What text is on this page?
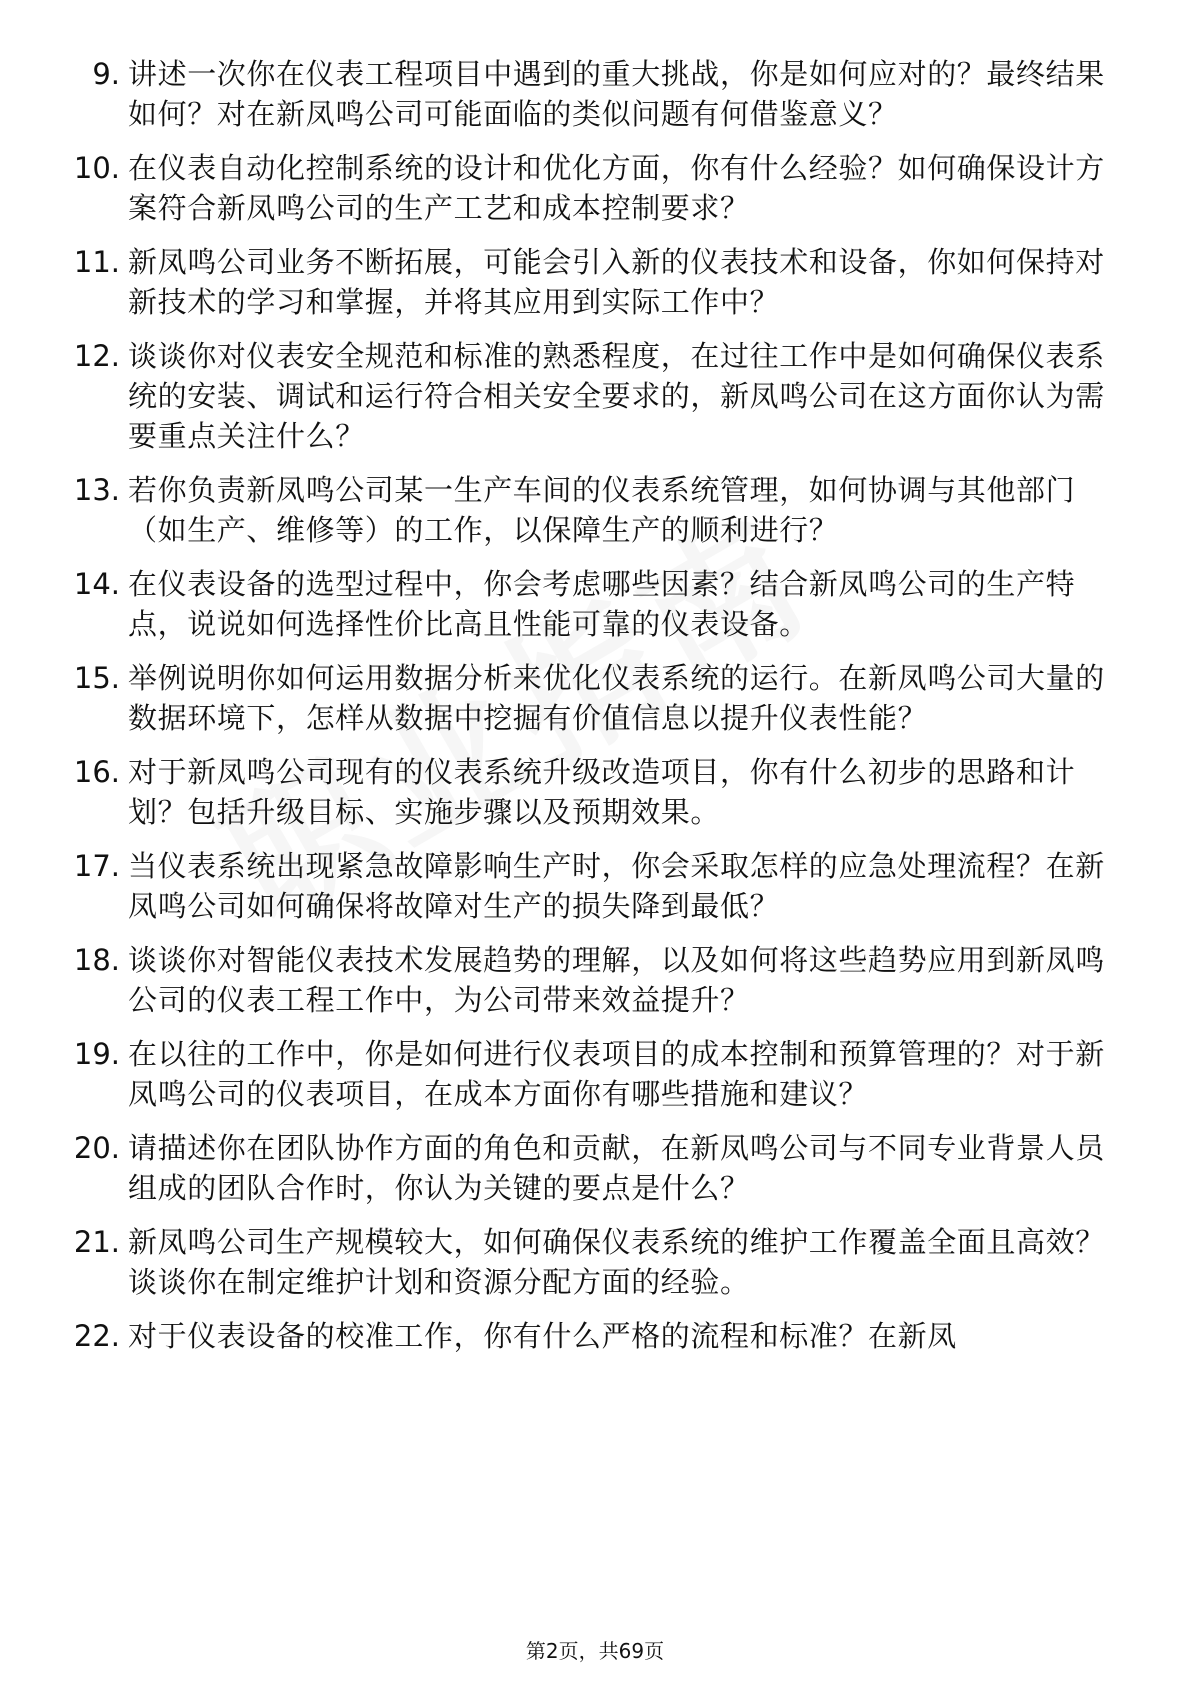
9. 讲述一次你在仪表工程项目中遇到的重大挑战，你是如何应对的？最终结果如何？对在新凤鸣公司可能面临的类似问题有何借鉴意义？
10. 在仪表自动化控制系统的设计和优化方面，你有什么经验？如何确保设计方案符合新凤鸣公司的生产工艺和成本控制要求？
11. 新凤鸣公司业务不断拓展，可能会引入新的仪表技术和设备，你如何保持对新技术的学习和掌握，并将其应用到实际工作中？
12. 谈谈你对仪表安全规范和标准的熟悉程度，在过往工作中是如何确保仪表系统的安装、调试和运行符合相关安全要求的，新凤鸣公司在这方面你认为需要重点关注什么？
13. 若你负责新凤鸣公司某一生产车间的仪表系统管理，如何协调与其他部门（如生产、维修等）的工作，以保障生产的顺利进行？
14. 在仪表设备的选型过程中，你会考虑哪些因素？结合新凤鸣公司的生产特点，说说如何选择性价比高且性能可靠的仪表设备。
15. 举例说明你如何运用数据分析来优化仪表系统的运行。在新凤鸣公司大量的数据环境下，怎样从数据中挖掘有价值信息以提升仪表性能？
16. 对于新凤鸣公司现有的仪表系统升级改造项目，你有什么初步的思路和计划？包括升级目标、实施步骤以及预期效果。
17. 当仪表系统出现紧急故障影响生产时，你会采取怎样的应急处理流程？在新凤鸣公司如何确保将故障对生产的损失降到最低？
18. 谈谈你对智能仪表技术发展趋势的理解，以及如何将这些趋势应用到新凤鸣公司的仪表工程工作中，为公司带来效益提升？
19. 在以往的工作中，你是如何进行仪表项目的成本控制和预算管理的？对于新凤鸣公司的仪表项目，在成本方面你有哪些措施和建议？
20. 请描述你在团队协作方面的角色和贡献，在新凤鸣公司与不同专业背景人员组成的团队合作时，你认为关键的要点是什么？
21. 新凤鸣公司生产规模较大，如何确保仪表系统的维护工作覆盖全面且高效？谈谈你在制定维护计划和资源分配方面的经验。
22. 对于仪表设备的校准工作，你有什么严格的流程和标准？在新凤
第2页，共69页
